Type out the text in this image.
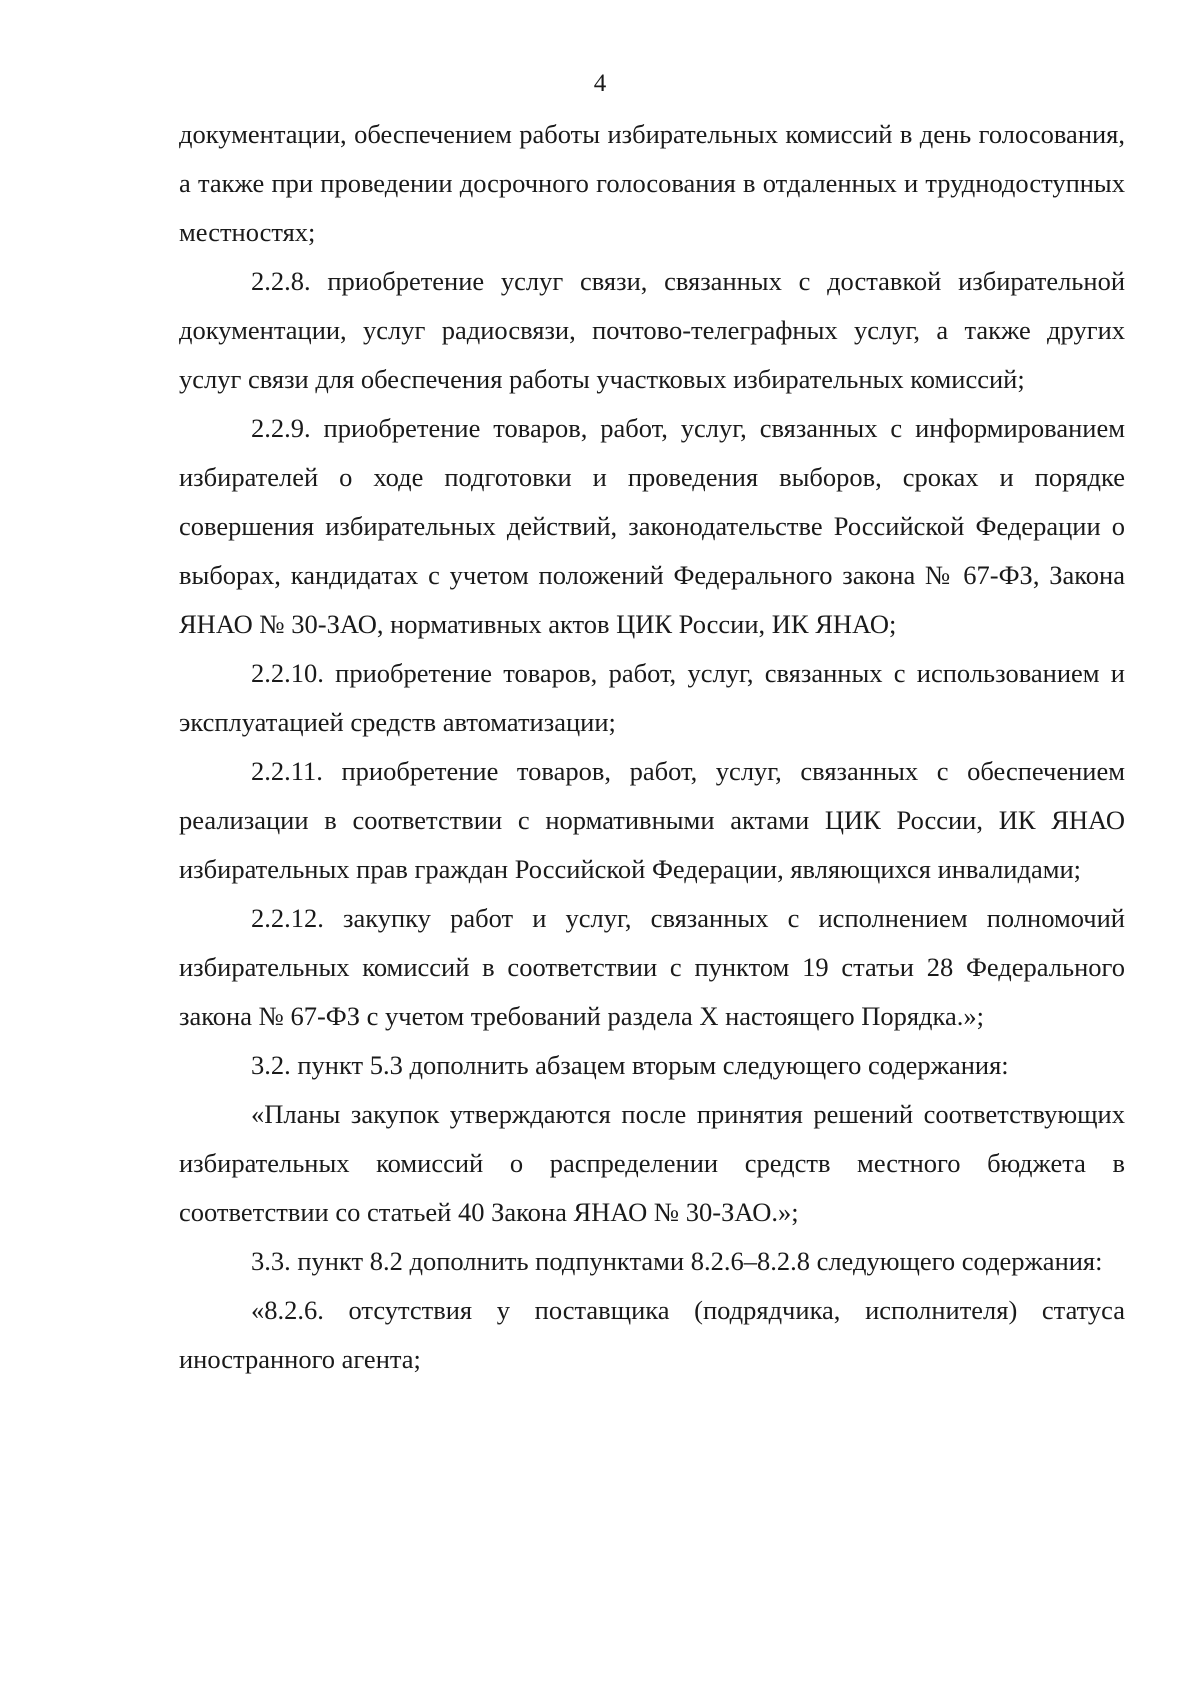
4

документации, обеспечением работы избирательных комиссий в день голосования, а также при проведении досрочного голосования в отдаленных и труднодоступных местностях;

2.2.8. приобретение услуг связи, связанных с доставкой избирательной документации, услуг радиосвязи, почтово-телеграфных услуг, а также других услуг связи для обеспечения работы участковых избирательных комиссий;

2.2.9. приобретение товаров, работ, услуг, связанных с информированием избирателей о ходе подготовки и проведения выборов, сроках и порядке совершения избирательных действий, законодательстве Российской Федерации о выборах, кандидатах с учетом положений Федерального закона № 67-ФЗ, Закона ЯНАО № 30-ЗАО, нормативных актов ЦИК России, ИК ЯНАО;

2.2.10. приобретение товаров, работ, услуг, связанных с использованием и эксплуатацией средств автоматизации;

2.2.11. приобретение товаров, работ, услуг, связанных с обеспечением реализации в соответствии с нормативными актами ЦИК России, ИК ЯНАО избирательных прав граждан Российской Федерации, являющихся инвалидами;

2.2.12. закупку работ и услуг, связанных с исполнением полномочий избирательных комиссий в соответствии с пунктом 19 статьи 28 Федерального закона № 67-ФЗ с учетом требований раздела X настоящего Порядка.»;

3.2. пункт 5.3 дополнить абзацем вторым следующего содержания:

«Планы закупок утверждаются после принятия решений соответствующих избирательных комиссий о распределении средств местного бюджета в соответствии со статьей 40 Закона ЯНАО № 30-ЗАО.»;

3.3. пункт 8.2 дополнить подпунктами 8.2.6–8.2.8 следующего содержания:

«8.2.6. отсутствия у поставщика (подрядчика, исполнителя) статуса иностранного агента;
